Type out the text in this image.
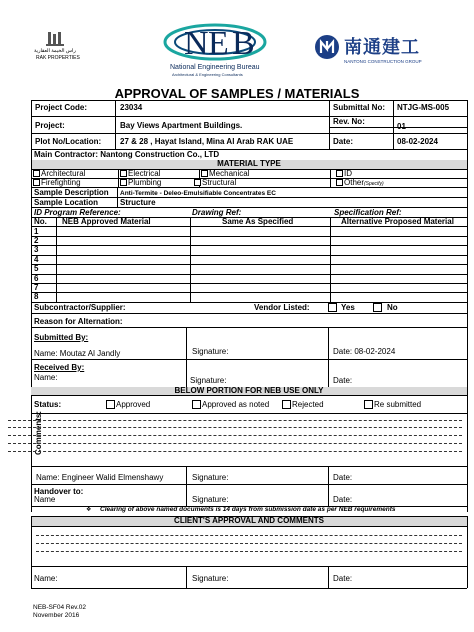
راس الخيمة العقارية
RAK PROPERTIES	N E B
National Engineering Bureau
Architectural & Engineering Consultants
南通建工
NANTONG CONSTRUCTION GROUP
APPROVAL OF SAMPLES / MATERIALS
Project Code:	23034	Submittal No: NTJG-MS-005
Project:	Bay Views Apartment Buildings.	Rev. No:
01
Plot No/Location: 27 & 28 , Hayat Island, Mina Al Arab RAK UAE	Date:	08-02-2024
Main Contractor: Nantong Construction Co., LTD
MATERIAL TYPE
Architectural	Electrical	Mechanical	ID
Firefighting	Plumbing	Structural	Other (Specify)
Sample Description Anti-Termite - Deleo-Emulsifiable Concentrates EC
Sample Location	Structure
ID Program Reference:	Drawing Ref:	Specification Ref:
No. NEB Approved Material	Same As Specified	Alternative Proposed Material
1
2
3
4
5
6
7
8
Subcontractor/Supplier:	Vendor Listed:	Yes	No
Reason for Alternation:
Submitted By:
Name: Moutaz Al Jandly	Signature:	Date: 08-02-2024
Received By:
Name:	Signature:	Date:
BELOW PORTION FOR NEB USE ONLY
Status:	Approved	Approved as noted	Rejected	Re submitted
Comments:
Name: Engineer Walid Elmenshawy	Signature:	Date:
Handover to:
Name	Signature:	Date:
❖ Clearing of above named documents is 14 days from submission date as per NEB requirements
CLIENT'S APPROVAL AND COMMENTS
Name:	Signature:	Date:
NEB-SF04 Rev.02
November 2016
